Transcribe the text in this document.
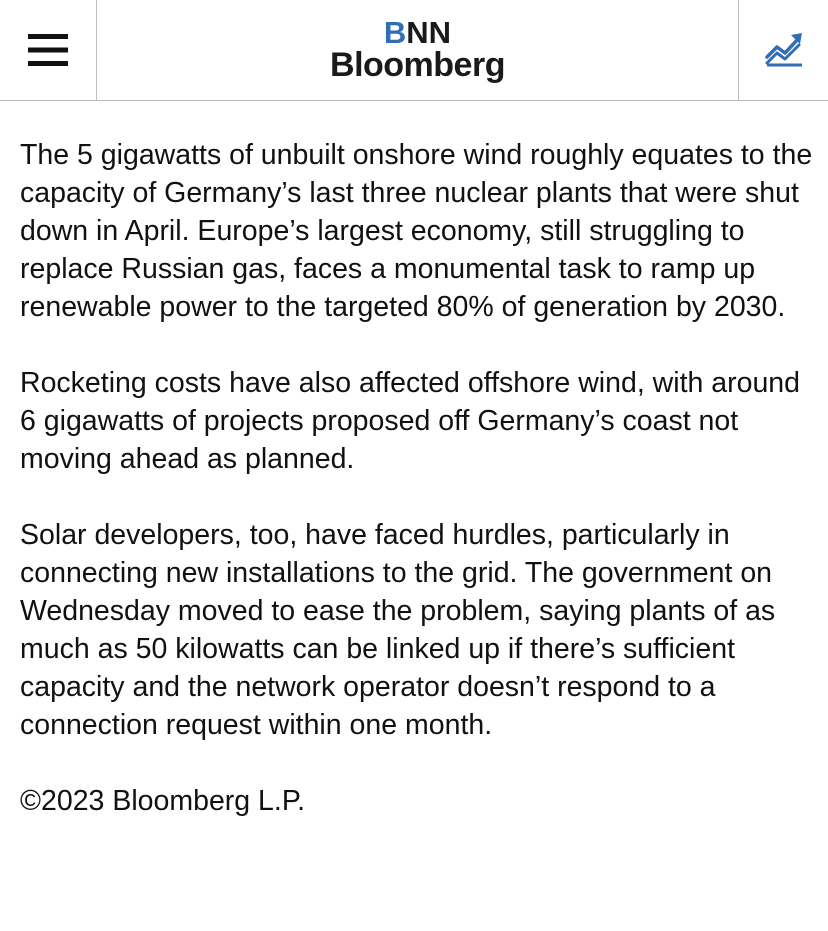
BNN
Bloomberg

The 5 gigawatts of unbuilt onshore wind roughly equates to the capacity of Germany’s last three nuclear plants that were shut down in April. Europe’s largest economy, still struggling to replace Russian gas, faces a monumental task to ramp up renewable power to the targeted 80% of generation by 2030.

Rocketing costs have also affected offshore wind, with around 6 gigawatts of projects proposed off Germany’s coast not moving ahead as planned.

Solar developers, too, have faced hurdles, particularly in connecting new installations to the grid. The government on Wednesday moved to ease the problem, saying plants of as much as 50 kilowatts can be linked up if there’s sufficient capacity and the network operator doesn’t respond to a connection request within one month.

©2023 Bloomberg L.P.
